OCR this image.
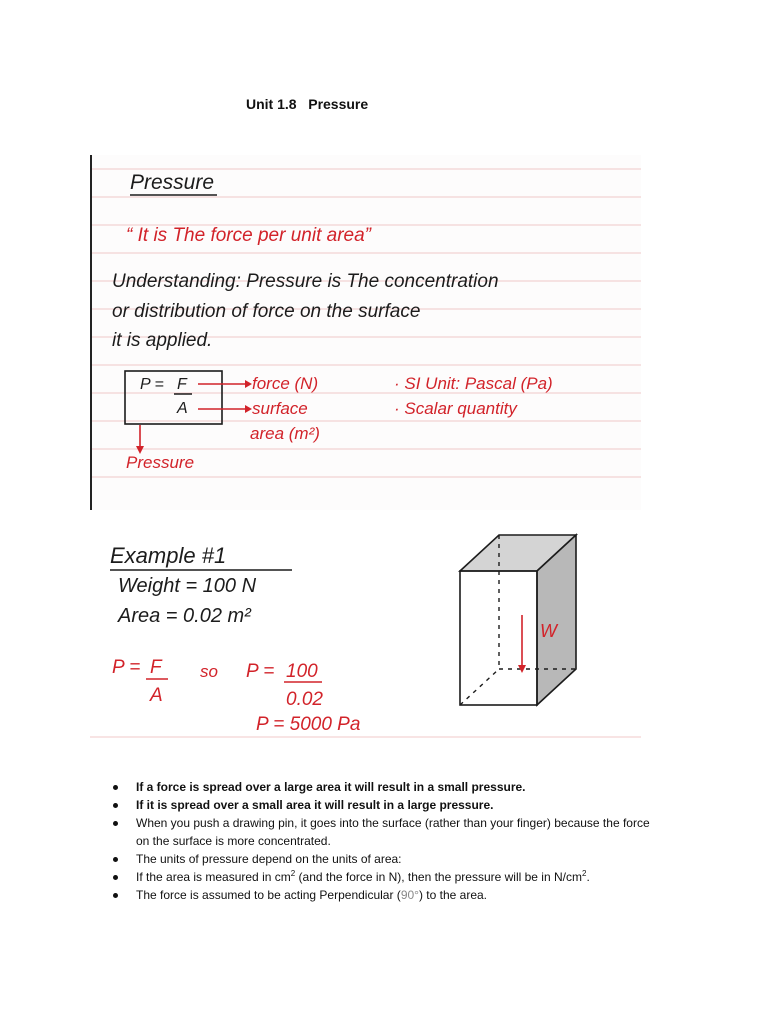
Unit 1.8   Pressure
Pressure
“ It is The force per unit area”
Understanding: Pressure is The concentration
or distribution of force on the surface
it is applied.
P = F
A
force (N)
surface
area (m²)
· SI Unit: Pascal (Pa)
· Scalar quantity
Pressure
Example #1
Weight = 100 N
Area = 0.02 m²
P = F
A
so P = 100
0.02
P = 5000 Pa
W
If a force is spread over a large area it will result in a small pressure.
If it is spread over a small area it will result in a large pressure.
When you push a drawing pin, it goes into the surface (rather than your finger) because the force on the surface is more concentrated.
The units of pressure depend on the units of area:
If the area is measured in $cm^2$ (and the force in N), then the pressure will be in $N/cm^2$.
The force is assumed to be acting Perpendicular (90°) to the area.
